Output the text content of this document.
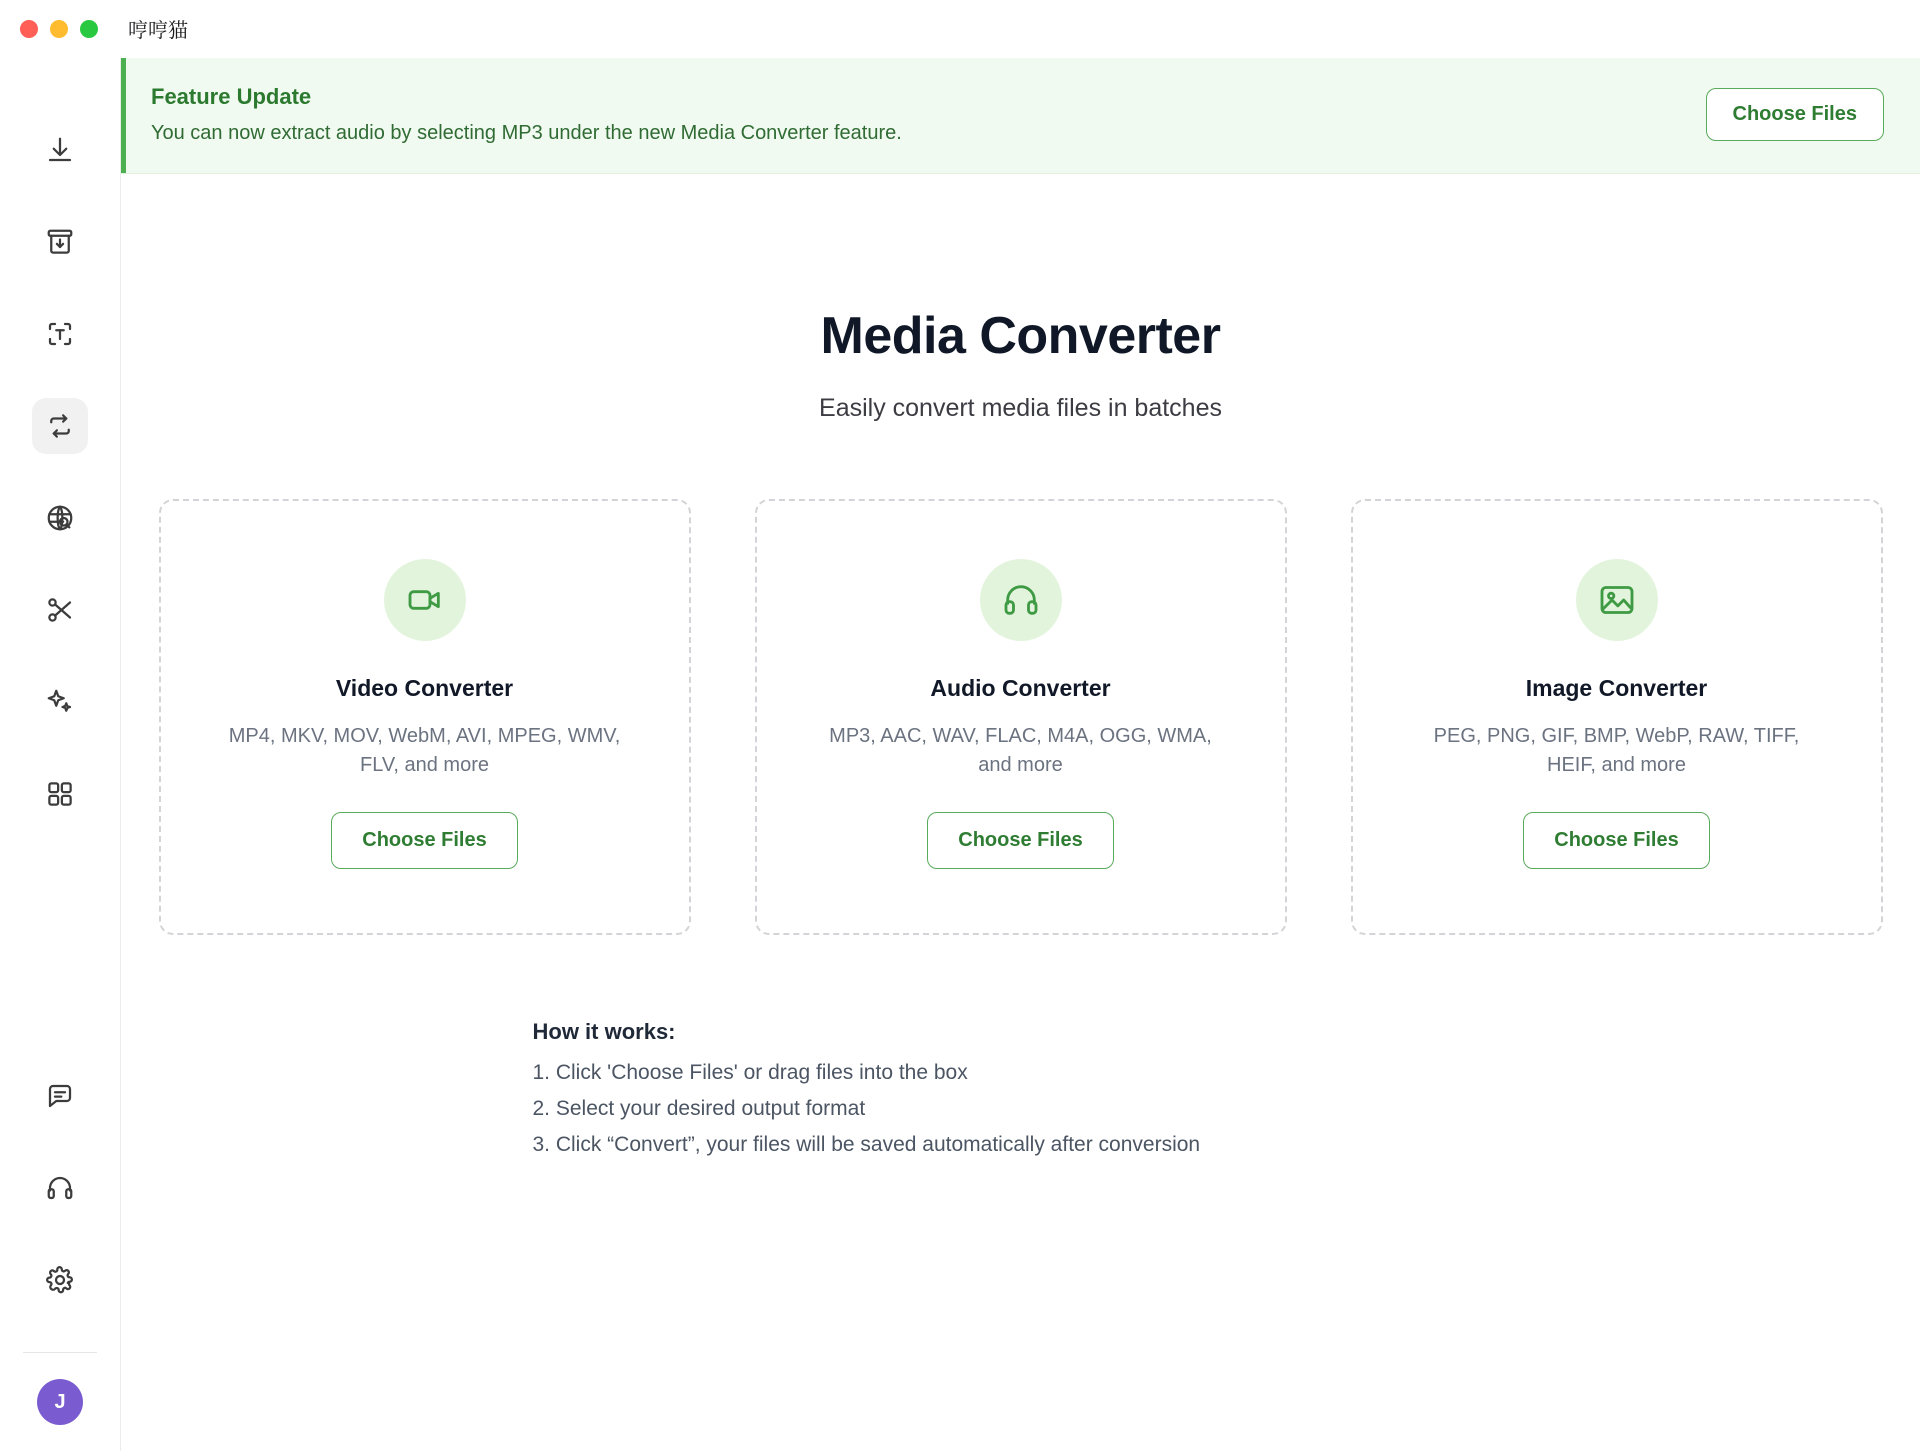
哼哼猫
J
Feature Update

You can now extract audio by selecting MP3 under the new Media Converter feature.

Choose Files
Media Converter

Easily convert media files in batches

Video Converter
MP4, MKV, MOV, WebM, AVI, MPEG, WMV, FLV, and more
Choose Files
Audio Converter
MP3, AAC, WAV, FLAC, M4A, OGG, WMA, and more
Choose Files
Image Converter
PEG, PNG, GIF, BMP, WebP, RAW, TIFF, HEIF, and more
Choose Files
How it works:
1. Click 'Choose Files' or drag files into the box
2. Select your desired output format
3. Click “Convert”, your files will be saved automatically after conversion
